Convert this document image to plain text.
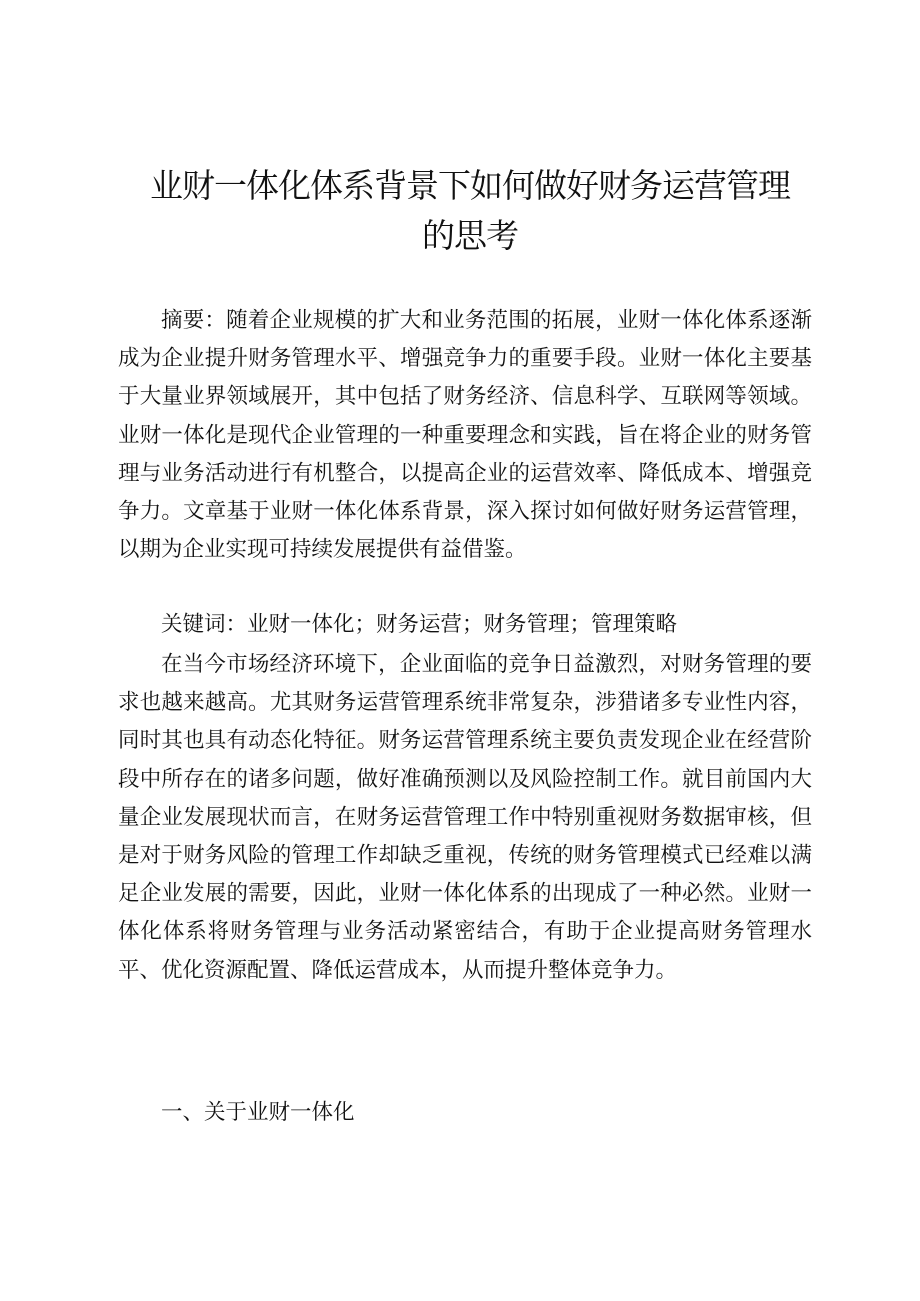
业财一体化体系背景下如何做好财务运营管理
的思考

摘要：随着企业规模的扩大和业务范围的拓展，业财一体化体系逐渐成为企业提升财务管理水平、增强竞争力的重要手段。业财一体化主要基于大量业界领域展开，其中包括了财务经济、信息科学、互联网等领域。业财一体化是现代企业管理的一种重要理念和实践，旨在将企业的财务管理与业务活动进行有机整合，以提高企业的运营效率、降低成本、增强竞争力。文章基于业财一体化体系背景，深入探讨如何做好财务运营管理，以期为企业实现可持续发展提供有益借鉴。

关键词：业财一体化；财务运营；财务管理；管理策略

在当今市场经济环境下，企业面临的竞争日益激烈，对财务管理的要求也越来越高。尤其财务运营管理系统非常复杂，涉猎诸多专业性内容，同时其也具有动态化特征。财务运营管理系统主要负责发现企业在经营阶段中所存在的诸多问题，做好准确预测以及风险控制工作。就目前国内大量企业发展现状而言，在财务运营管理工作中特别重视财务数据审核，但是对于财务风险的管理工作却缺乏重视，传统的财务管理模式已经难以满足企业发展的需要，因此，业财一体化体系的出现成了一种必然。业财一体化体系将财务管理与业务活动紧密结合，有助于企业提高财务管理水平、优化资源配置、降低运营成本，从而提升整体竞争力。

一、关于业财一体化
